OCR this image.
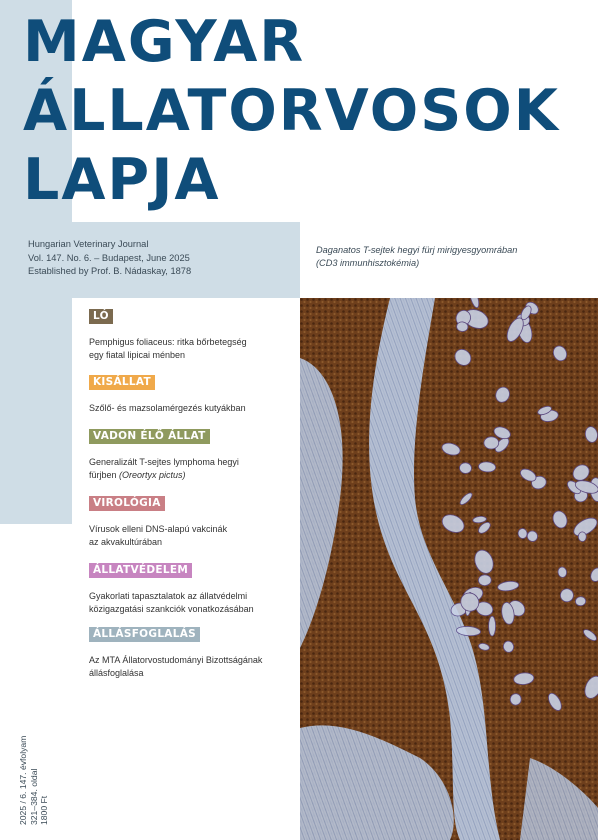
MAGYAR
ÁLLATORVOSOK
LAPJA
Hungarian Veterinary Journal
Vol. 147. No. 6. – Budapest, June 2025
Established by Prof. B. Nádaskay, 1878
Daganatos T-sejtek hegyi fürj mirigyesgyomrában
(CD3 immunhisztokémia)
LÓ
Pemphigus foliaceus: ritka bőrbetegség
egy fiatal lipicai ménben
KISÁLLAT
Szőlő- és mazsolamérgezés kutyákban
VADON ÉLŐ ÁLLAT
Generalizált T-sejtes lymphoma hegyi
fürjben (Oreortyx pictus)
VIROLÓGIA
Vírusok elleni DNS-alapú vakcinák
az akvakultúrában
ÁLLATVÉDELEM
Gyakorlati tapasztalatok az állatvédelmi
közigazgatási szankciók vonatkozásában
ÁLLÁSFOGLALÁS
Az MTA Állatorvostudományi Bizottságának
állásfoglalása
2025 / 6. 147. évfolyam 321–384. oldal 1800 Ft
